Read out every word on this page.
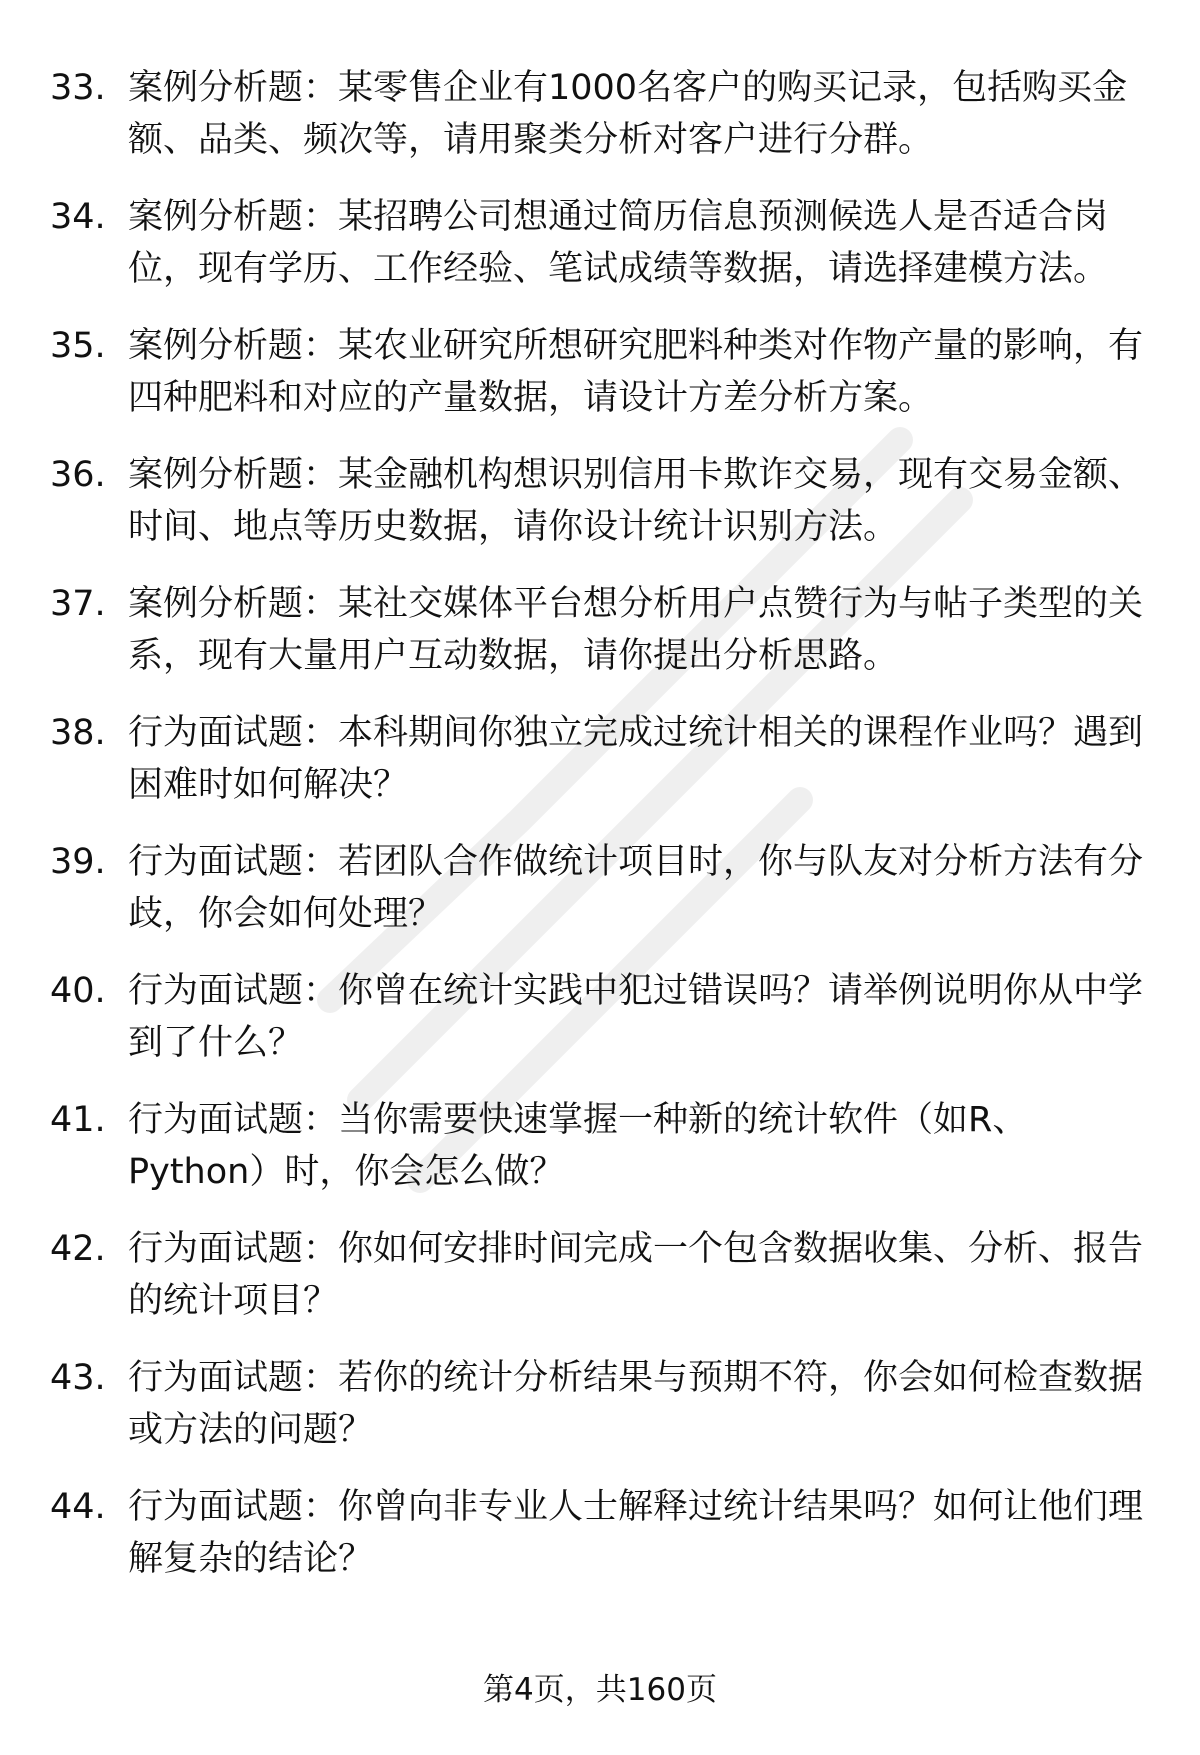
33. 案例分析题：某零售企业有1000名客户的购买记录，包括购买金额、品类、频次等，请用聚类分析对客户进行分群。
34. 案例分析题：某招聘公司想通过简历信息预测候选人是否适合岗位，现有学历、工作经验、笔试成绩等数据，请选择建模方法。
35. 案例分析题：某农业研究所想研究肥料种类对作物产量的影响，有四种肥料和对应的产量数据，请设计方差分析方案。
36. 案例分析题：某金融机构想识别信用卡欺诈交易，现有交易金额、时间、地点等历史数据，请你设计统计识别方法。
37. 案例分析题：某社交媒体平台想分析用户点赞行为与帖子类型的关系，现有大量用户互动数据，请你提出分析思路。
38. 行为面试题：本科期间你独立完成过统计相关的课程作业吗？遇到困难时如何解决？
39. 行为面试题：若团队合作做统计项目时，你与队友对分析方法有分歧，你会如何处理？
40. 行为面试题：你曾在统计实践中犯过错误吗？请举例说明你从中学到了什么？
41. 行为面试题：当你需要快速掌握一种新的统计软件（如R、Python）时，你会怎么做？
42. 行为面试题：你如何安排时间完成一个包含数据收集、分析、报告的统计项目？
43. 行为面试题：若你的统计分析结果与预期不符，你会如何检查数据或方法的问题？
44. 行为面试题：你曾向非专业人士解释过统计结果吗？如何让他们理解复杂的结论？
第4页，共160页
